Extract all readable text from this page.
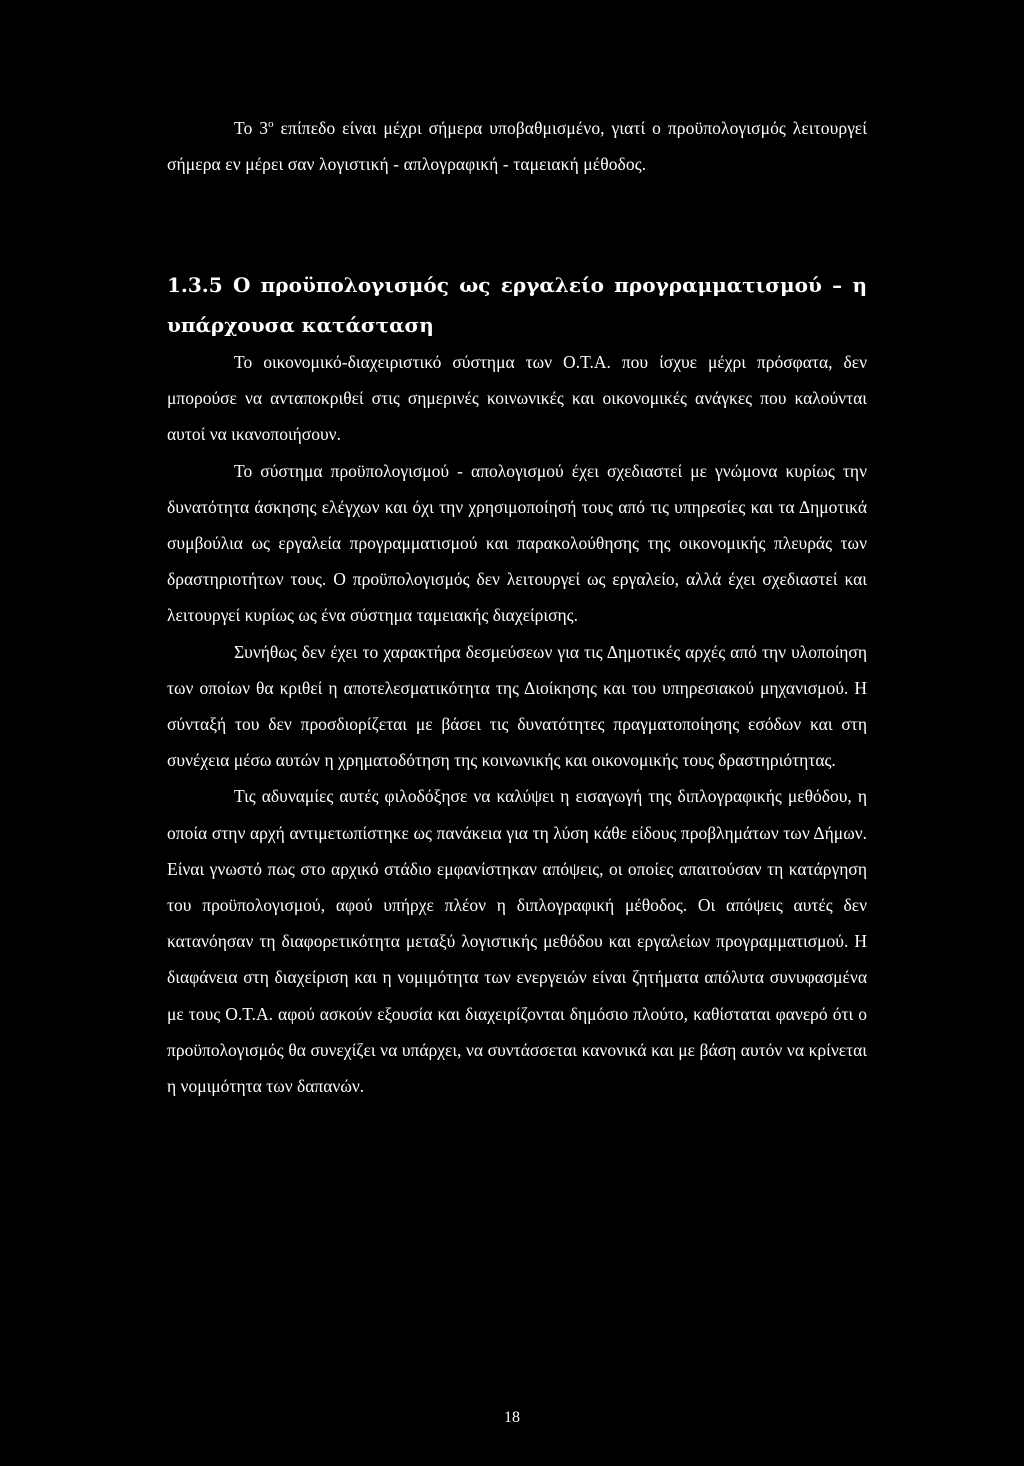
Το $3^o$ επίπεδο είναι μέχρι σήμερα υποβαθμισμένο, γιατί ο προϋπολογισμός λειτουργεί σήμερα εν μέρει σαν λογιστική - απλογραφική - ταμειακή μέθοδος.
1.3.5 Ο προϋπολογισμός ως εργαλείο προγραμματισμού – η υπάρχουσα κατάσταση

Το οικονομικό-διαχειριστικό σύστημα των Ο.Τ.Α. που ίσχυε μέχρι πρόσφατα, δεν μπορούσε να ανταποκριθεί στις σημερινές κοινωνικές και οικονομικές ανάγκες που καλούνται αυτοί να ικανοποιήσουν.

Το σύστημα προϋπολογισμού - απολογισμού έχει σχεδιαστεί με γνώμονα κυρίως την δυνατότητα άσκησης ελέγχων και όχι την χρησιμοποίησή τους από τις υπηρεσίες και τα Δημοτικά συμβούλια ως εργαλεία προγραμματισμού και παρακολούθησης της οικονομικής πλευράς των δραστηριοτήτων τους. Ο προϋπολογισμός δεν λειτουργεί ως εργαλείο, αλλά έχει σχεδιαστεί και λειτουργεί κυρίως ως ένα σύστημα ταμειακής διαχείρισης.

Συνήθως δεν έχει το χαρακτήρα δεσμεύσεων για τις Δημοτικές αρχές από την υλοποίηση των οποίων θα κριθεί η αποτελεσματικότητα της Διοίκησης και του υπηρεσιακού μηχανισμού. Η σύνταξή του δεν προσδιορίζεται με βάσει τις δυνατότητες πραγματοποίησης εσόδων και στη συνέχεια μέσω αυτών η χρηματοδότηση της κοινωνικής και οικονομικής τους δραστηριότητας.

Τις αδυναμίες αυτές φιλοδόξησε να καλύψει η εισαγωγή της διπλογραφικής μεθόδου, η οποία στην αρχή αντιμετωπίστηκε ως πανάκεια για τη λύση κάθε είδους προβλημάτων των Δήμων. Είναι γνωστό πως στο αρχικό στάδιο εμφανίστηκαν απόψεις, οι οποίες απαιτούσαν τη κατάργηση του προϋπολογισμού, αφού υπήρχε πλέον η διπλογραφική μέθοδος. Οι απόψεις αυτές δεν κατανόησαν τη διαφορετικότητα μεταξύ λογιστικής μεθόδου και εργαλείων προγραμματισμού. Η διαφάνεια στη διαχείριση και η νομιμότητα των ενεργειών είναι ζητήματα απόλυτα συνυφασμένα με τους Ο.Τ.Α. αφού ασκούν εξουσία και διαχειρίζονται δημόσιο πλούτο, καθίσταται φανερό ότι ο προϋπολογισμός θα συνεχίζει να υπάρχει, να συντάσσεται κανονικά και με βάση αυτόν να κρίνεται η νομιμότητα των δαπανών.

18
